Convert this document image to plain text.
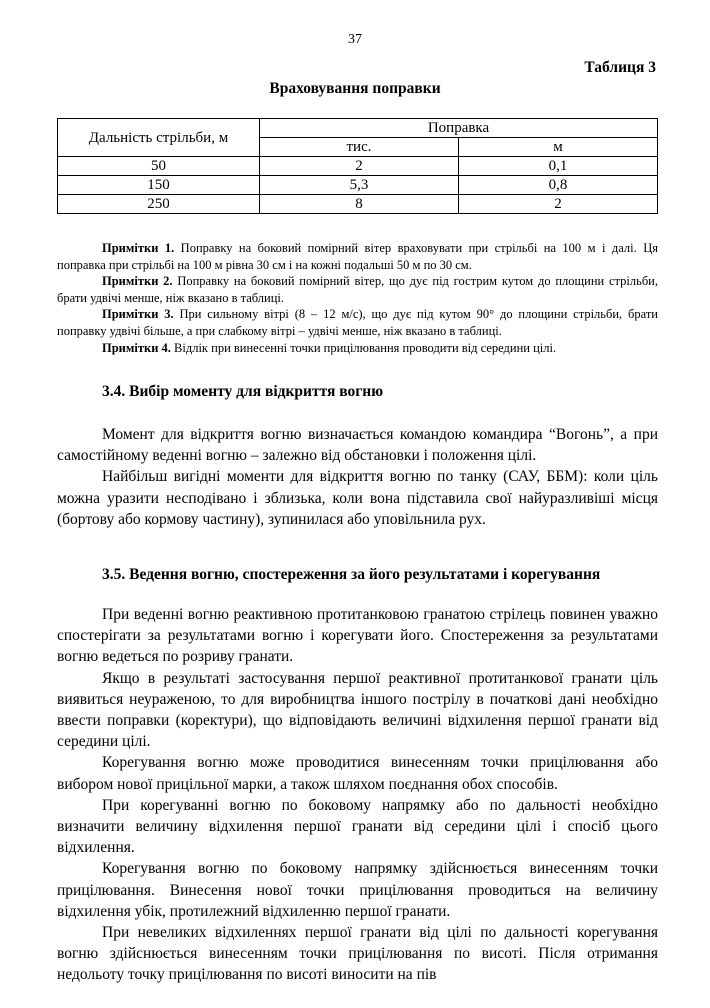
37
Таблиця 3
Враховування поправки
Дальність стрільби, м	Поправка	
	тис.	м
50	2	0,1
150	5,3	0,8
250	8	2

Примітки 1. Поправку на боковий помірний вітер враховувати при стрільбі на 100 м і далі. Ця поправка при стрільбі на 100 м рівна 30 см і на кожні подальші 50 м по 30 см.

Примітки 2. Поправку на боковий помірний вітер, що дує під гострим кутом до площини стрільби, брати удвічі менше, ніж вказано в таблиці.

Примітки 3. При сильному вітрі (8 – 12 м/с), що дує під кутом 90° до площини стрільби, брати поправку удвічі більше, а при слабкому вітрі – удвічі менше, ніж вказано в таблиці.

Примітки 4. Відлік при винесенні точки прицілювання проводити від середини цілі.

3.4. Вибір моменту для відкриття вогню

Момент для відкриття вогню визначається командою командира “Вогонь”, а при самостійному веденні вогню – залежно від обстановки і положення цілі.

Найбільш вигідні моменти для відкриття вогню по танку (САУ, ББМ): коли ціль можна уразити несподівано і зблизька, коли вона підставила свої найуразливіші місця (бортову або кормову частину), зупинилася або уповільнила рух.

3.5. Ведення вогню, спостереження за його результатами і корегування

При веденні вогню реактивною протитанковою гранатою стрілець повинен уважно спостерігати за результатами вогню і корегувати його. Спостереження за результатами вогню ведеться по розриву гранати.

Якщо в результаті застосування першої реактивної протитанкової гранати ціль виявиться неураженою, то для виробництва іншого пострілу в початкові дані необхідно ввести поправки (коректури), що відповідають величині відхилення першої гранати від середини цілі.

Корегування вогню може проводитися винесенням точки прицілювання або вибором нової прицільної марки, а також шляхом поєднання обох способів.

При корегуванні вогню по боковому напрямку або по дальності необхідно визначити величину відхилення першої гранати від середини цілі і спосіб цього відхилення.

Корегування вогню по боковому напрямку здійснюється винесенням точки прицілювання. Винесення нової точки прицілювання проводиться на величину відхилення убік, протилежний відхиленню першої гранати.

При невеликих відхиленнях першої гранати від цілі по дальності корегування вогню здійснюється винесенням точки прицілювання по висоті. Після отримання недольоту точку прицілювання по висоті виносити на пів
